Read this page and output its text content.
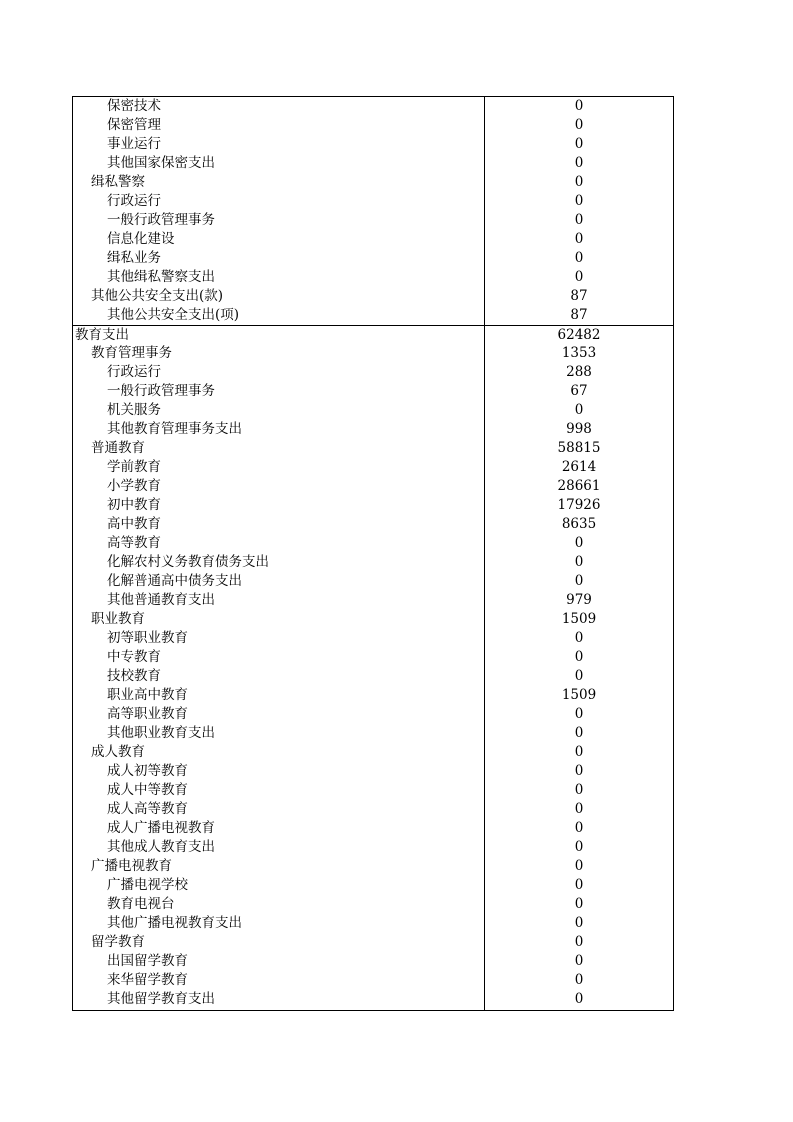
保密技术	0
保密管理	0
事业运行	0
其他国家保密支出	0
缉私警察	0
行政运行	0
一般行政管理事务	0
信息化建设	0
缉私业务	0
其他缉私警察支出	0
其他公共安全支出(款)	87
其他公共安全支出(项)	87
教育支出	62482
教育管理事务	1353
行政运行	288
一般行政管理事务	67
机关服务	0
其他教育管理事务支出	998
普通教育	58815
学前教育	2614
小学教育	28661
初中教育	17926
高中教育	8635
高等教育	0
化解农村义务教育债务支出	0
化解普通高中债务支出	0
其他普通教育支出	979
职业教育	1509
初等职业教育	0
中专教育	0
技校教育	0
职业高中教育	1509
高等职业教育	0
其他职业教育支出	0
成人教育	0
成人初等教育	0
成人中等教育	0
成人高等教育	0
成人广播电视教育	0
其他成人教育支出	0
广播电视教育	0
广播电视学校	0
教育电视台	0
其他广播电视教育支出	0
留学教育	0
出国留学教育	0
来华留学教育	0
其他留学教育支出	0
